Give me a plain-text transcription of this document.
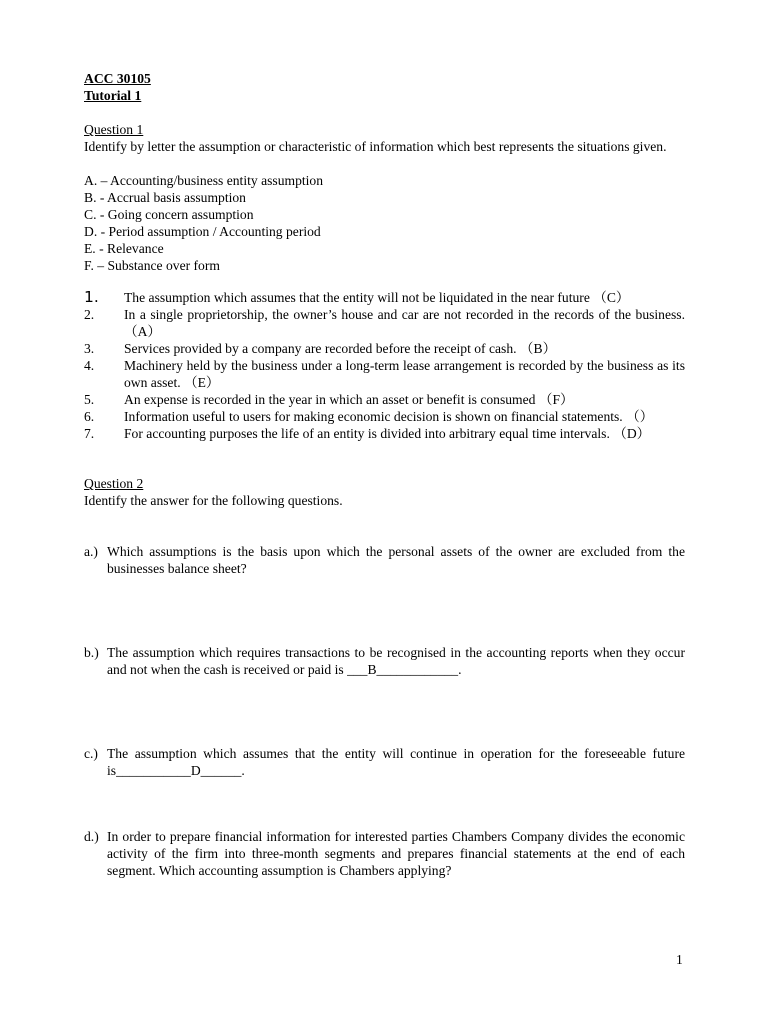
ACC 30105
Tutorial 1
Question 1
Identify by letter the assumption or characteristic of information which best represents the situations given.
A. – Accounting/business entity assumption
B. - Accrual basis assumption
C. - Going concern assumption
D. - Period assumption / Accounting period
E. - Relevance
F. – Substance over form
1.	The assumption which assumes that the entity will not be liquidated in the near future （C）
2.	In a single proprietorship, the owner’s house and car are not recorded in the records of the business. （A）
3.	Services provided by a company are recorded before the receipt of cash. （B）
4.	Machinery held by the business under a long-term lease arrangement is recorded by the business as its own asset. （E）
5.	An expense is recorded in the year in which an asset or benefit is consumed （F）
6.	Information useful to users for making economic decision is shown on financial statements. （）
7.	For accounting purposes the life of an entity is divided into arbitrary equal time intervals. （D）
Question 2
Identify the answer for the following questions.
a.) Which assumptions is the basis upon which the personal assets of the owner are excluded from the businesses balance sheet?
b.) The assumption which requires transactions to be recognised in the accounting reports when they occur and not when the cash is received or paid is ___B____________.
c.) The assumption which assumes that the entity will continue in operation for the foreseeable future is___________D______.
d.) In order to prepare financial information for interested parties Chambers Company divides the economic activity of the firm into three-month segments and prepares financial statements at the end of each segment. Which accounting assumption is Chambers applying?
1
